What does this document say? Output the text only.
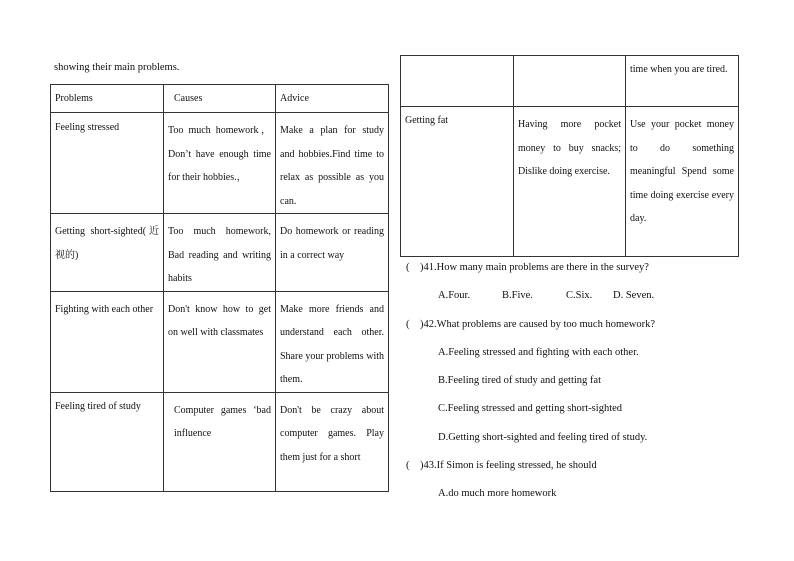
showing their main problems.
Problems	Causes	Advice

Feeling stressed	Too much homework， Don’t have enough time for their hobbies.，	Make a plan for study and hobbies.Find time to relax as possible as you can.

Getting short-sighted(近视的)	Too much homework, Bad reading and writing habits	Do homework or reading in a correct way

Fighting with each other	Don't know how to get on well with classmates	Make more friends and understand each other. Share your problems with them.

Feeling tired of study	Computer games ‘bad influence	Don't be crazy about computer games. Play them just for a short

		time when you are tired.

Getting fat	Having more pocket money to buy snacks; Dislike doing exercise.	Use your pocket money to do something meaningful Spend some time doing exercise every day.
(    )41.How many main problems are there in the survey?
A.Four.	B.Five.	C.Six. D. Seven.
(    )42.What problems are caused by too much homework?
A.Feeling stressed and fighting with each other.
B.Feeling tired of study and getting fat
C.Feeling stressed and getting short-sighted
D.Getting short-sighted and feeling tired of study.
(    )43.If Simon is feeling stressed, he should
A.do much more homework
